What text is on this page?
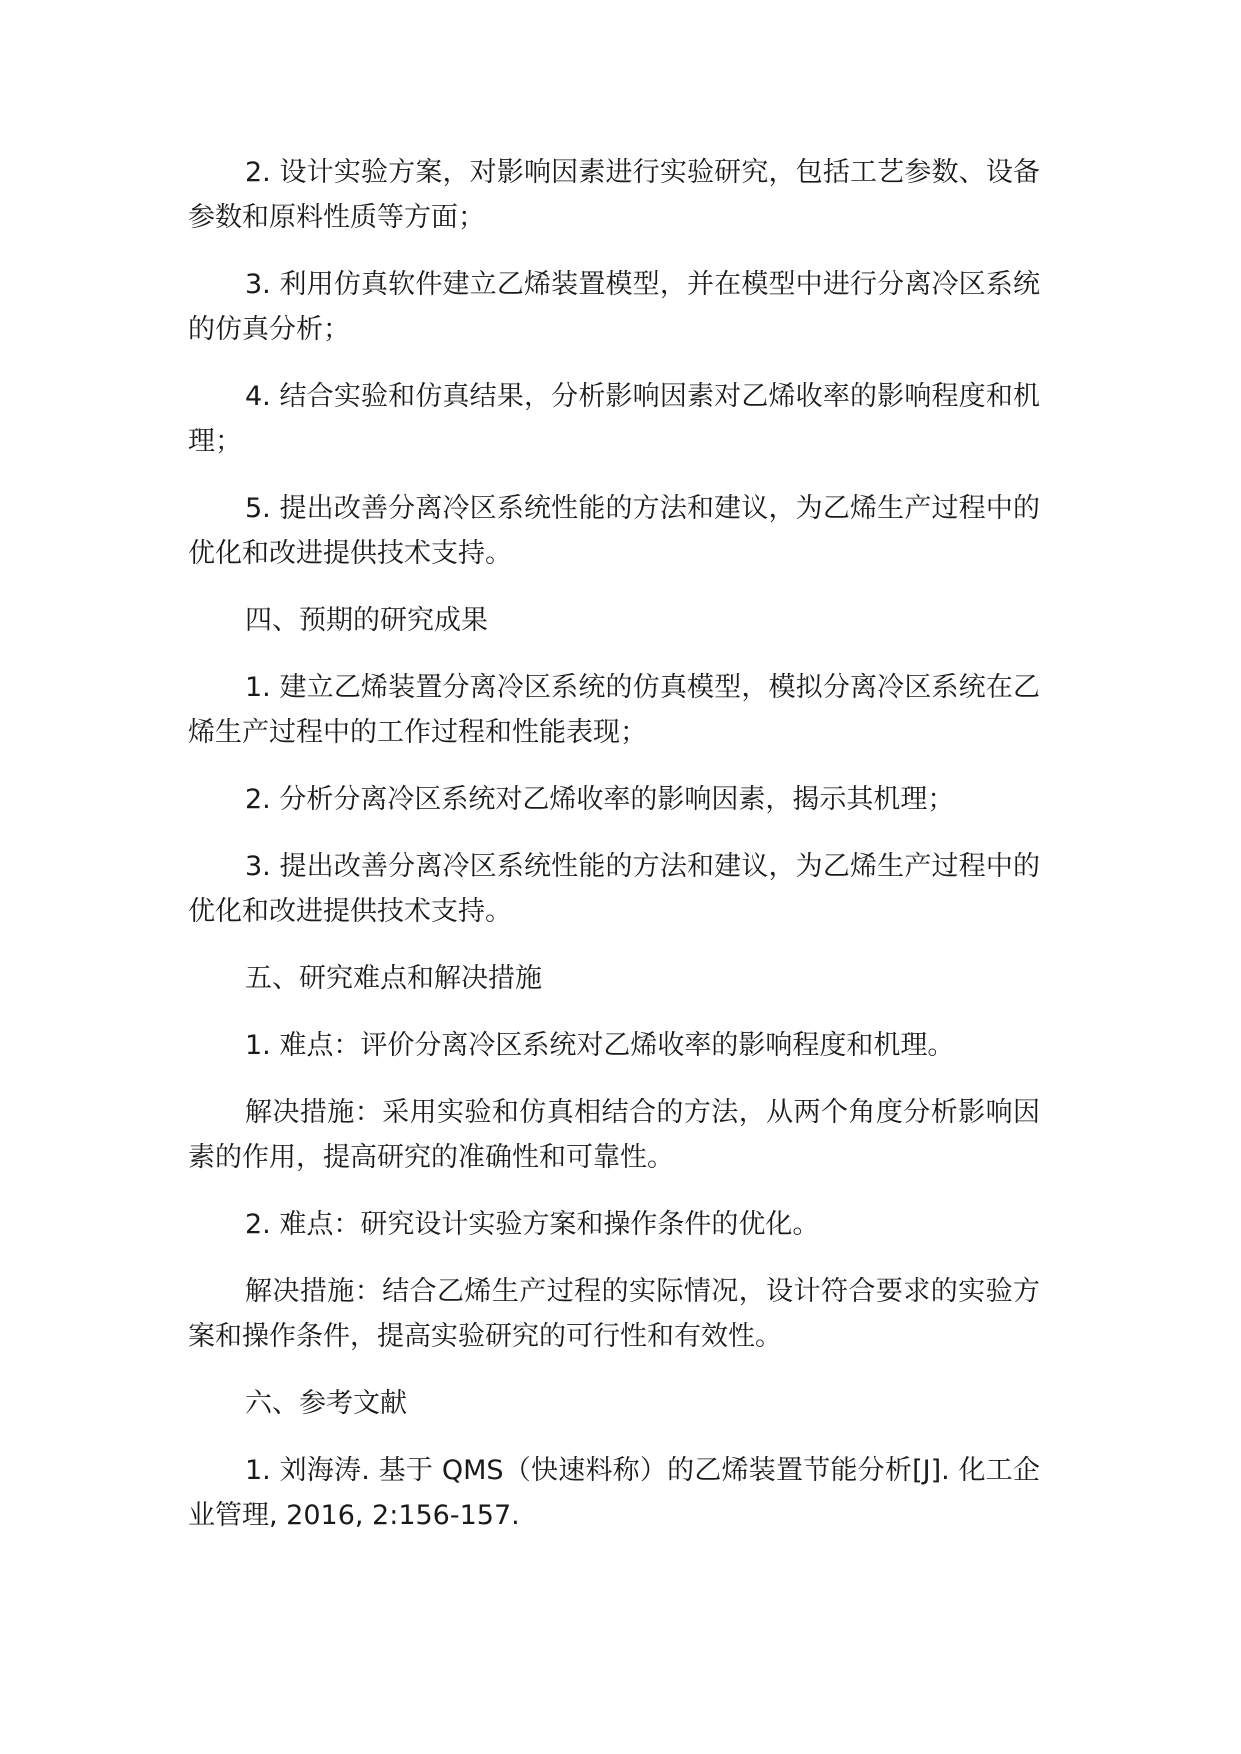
2. 设计实验方案，对影响因素进行实验研究，包括工艺参数、设备参数和原料性质等方面；

3. 利用仿真软件建立乙烯装置模型，并在模型中进行分离冷区系统的仿真分析；

4. 结合实验和仿真结果，分析影响因素对乙烯收率的影响程度和机理；

5. 提出改善分离冷区系统性能的方法和建议，为乙烯生产过程中的优化和改进提供技术支持。

四、预期的研究成果

1. 建立乙烯装置分离冷区系统的仿真模型，模拟分离冷区系统在乙烯生产过程中的工作过程和性能表现；

2. 分析分离冷区系统对乙烯收率的影响因素，揭示其机理；

3. 提出改善分离冷区系统性能的方法和建议，为乙烯生产过程中的优化和改进提供技术支持。

五、研究难点和解决措施

1. 难点：评价分离冷区系统对乙烯收率的影响程度和机理。

解决措施：采用实验和仿真相结合的方法，从两个角度分析影响因素的作用，提高研究的准确性和可靠性。

2. 难点：研究设计实验方案和操作条件的优化。

解决措施：结合乙烯生产过程的实际情况，设计符合要求的实验方案和操作条件，提高实验研究的可行性和有效性。

六、参考文献

1. 刘海涛. 基于 QMS（快速料称）的乙烯装置节能分析[J]. 化工企业管理, 2016, 2:156-157.
